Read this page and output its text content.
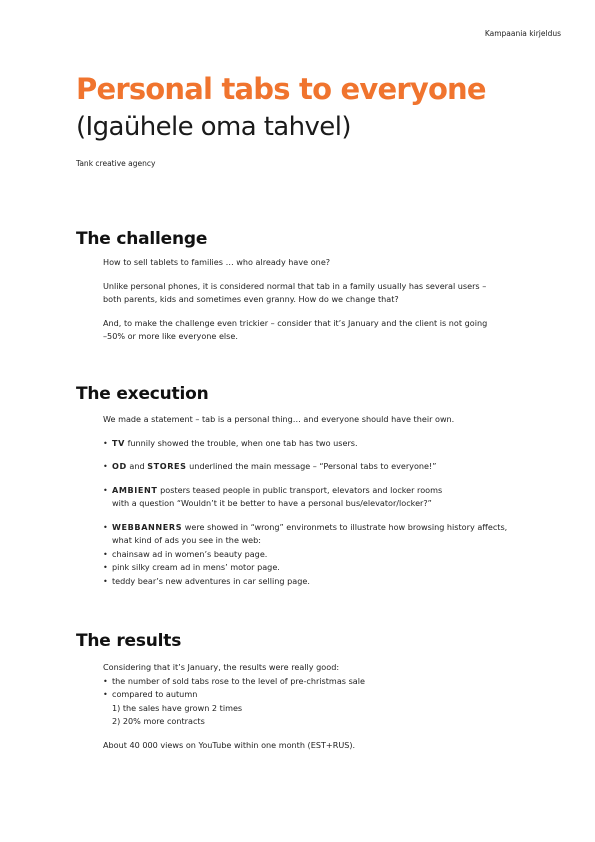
Kampaania kirjeldus
Personal tabs to everyone
(Igaühele oma tahvel)
Tank creative agency
The challenge

How to sell tablets to families … who already have one?

Unlike personal phones, it is considered normal that tab in a family usually has several users –

both parents, kids and sometimes even granny. How do we change that?

And, to make the challenge even trickier – consider that it’s January and the client is not going

–50% or more like everyone else.

The execution

We made a statement – tab is a personal thing… and everyone should have their own.

• TV funnily showed the trouble, when one tab has two users.
• OD and STORES underlined the main message – “Personal tabs to everyone!”
• AMBIENT posters teased people in public transport, elevators and locker rooms
with a question “Wouldn’t it be better to have a personal bus/elevator/locker?”
• WEBBANNERS were showed in “wrong” environmets to illustrate how browsing history affects,
what kind of ads you see in the web:
• chainsaw ad in women’s beauty page.
• pink silky cream ad in mens’ motor page.
• teddy bear’s new adventures in car selling page.
The results

Considering that it’s January, the results were really good:

• the number of sold tabs rose to the level of pre-christmas sale
• compared to autumn

1) the sales have grown 2 times

2) 20% more contracts

About 40 000 views on YouTube within one month (EST+RUS).
